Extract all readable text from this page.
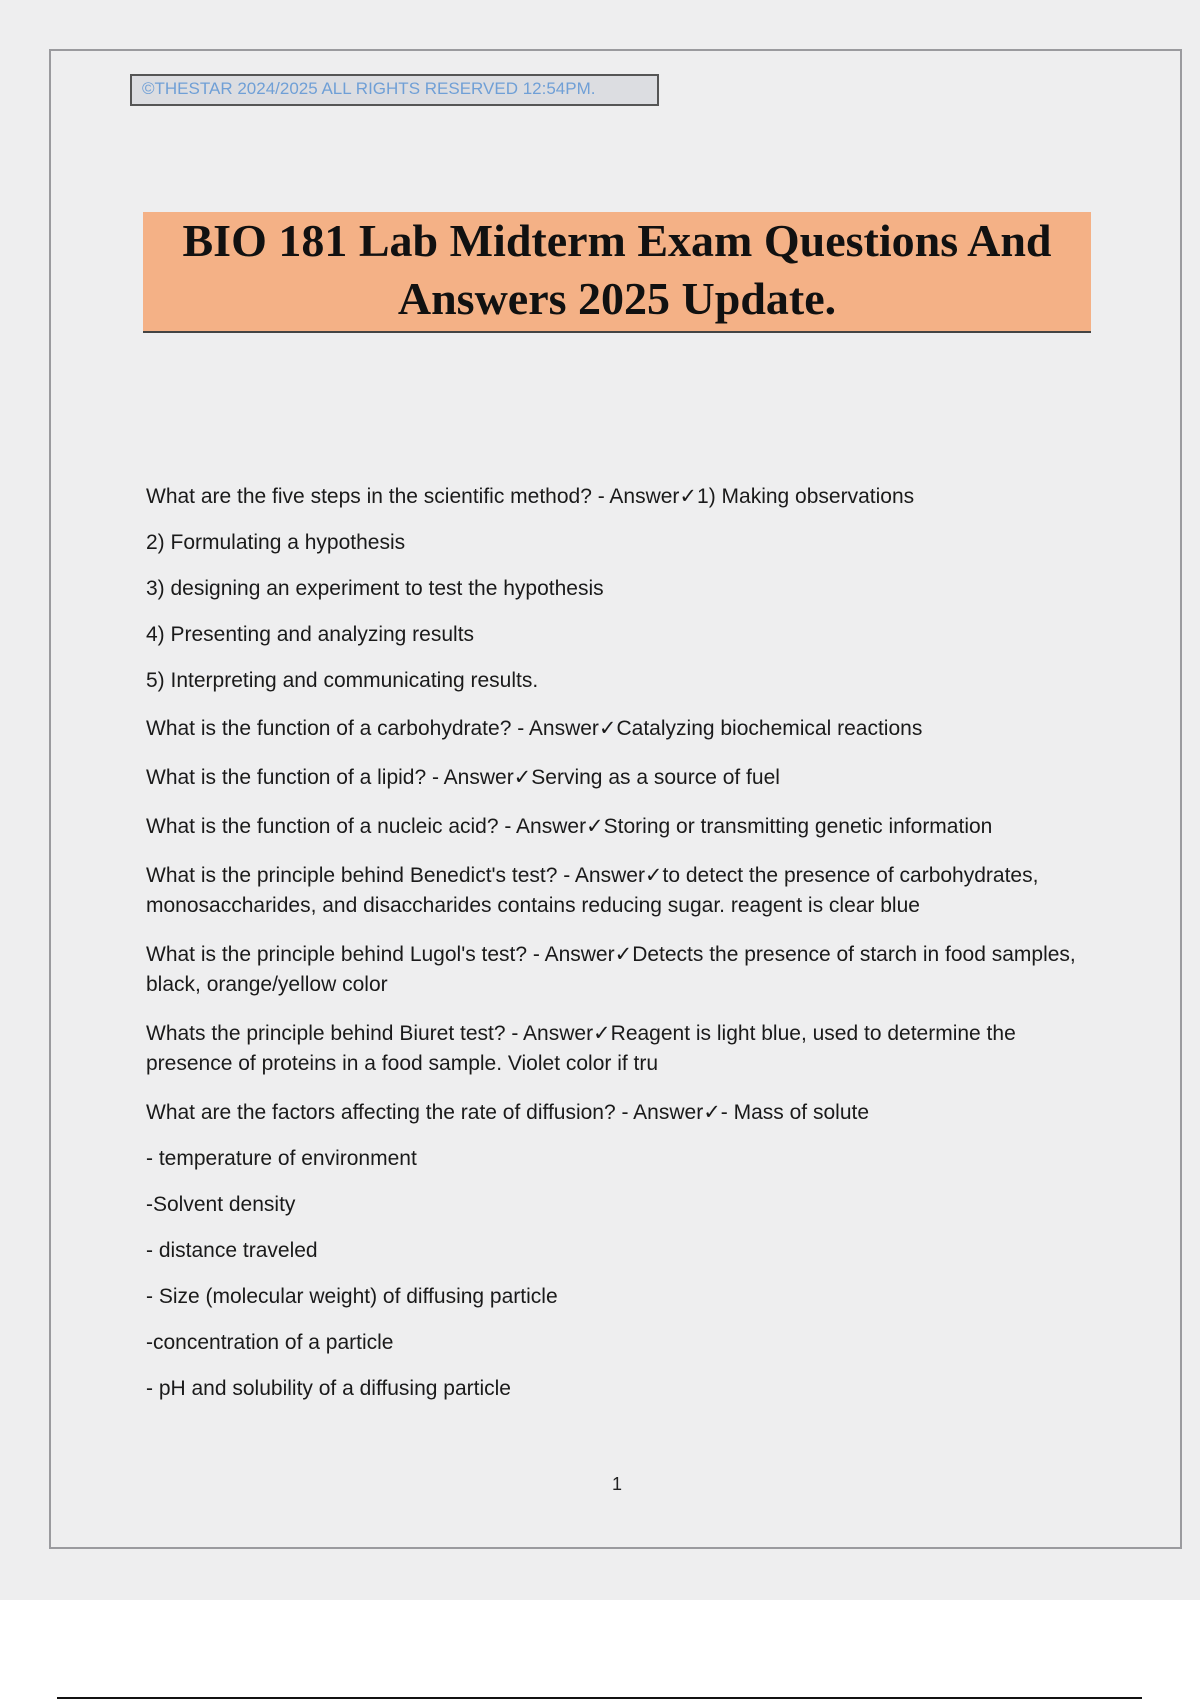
©THESTAR 2024/2025 ALL RIGHTS RESERVED 12:54PM.
BIO 181 Lab Midterm Exam Questions And
Answers 2025 Update.

What are the five steps in the scientific method? - Answer✓1) Making observations

2) Formulating a hypothesis

3) designing an experiment to test the hypothesis

4) Presenting and analyzing results

5) Interpreting and communicating results.

What is the function of a carbohydrate? - Answer✓Catalyzing biochemical reactions

What is the function of a lipid? - Answer✓Serving as a source of fuel

What is the function of a nucleic acid? - Answer✓Storing or transmitting genetic information

What is the principle behind Benedict's test? - Answer✓to detect the presence of carbohydrates, monosaccharides, and disaccharides contains reducing sugar. reagent is clear blue

What is the principle behind Lugol's test? - Answer✓Detects the presence of starch in food samples, black, orange/yellow color

Whats the principle behind Biuret test? - Answer✓Reagent is light blue, used to determine the presence of proteins in a food sample. Violet color if tru

What are the factors affecting the rate of diffusion? - Answer✓- Mass of solute

- temperature of environment

-Solvent density

- distance traveled

- Size (molecular weight) of diffusing particle

-concentration of a particle

- pH and solubility of a diffusing particle

1
